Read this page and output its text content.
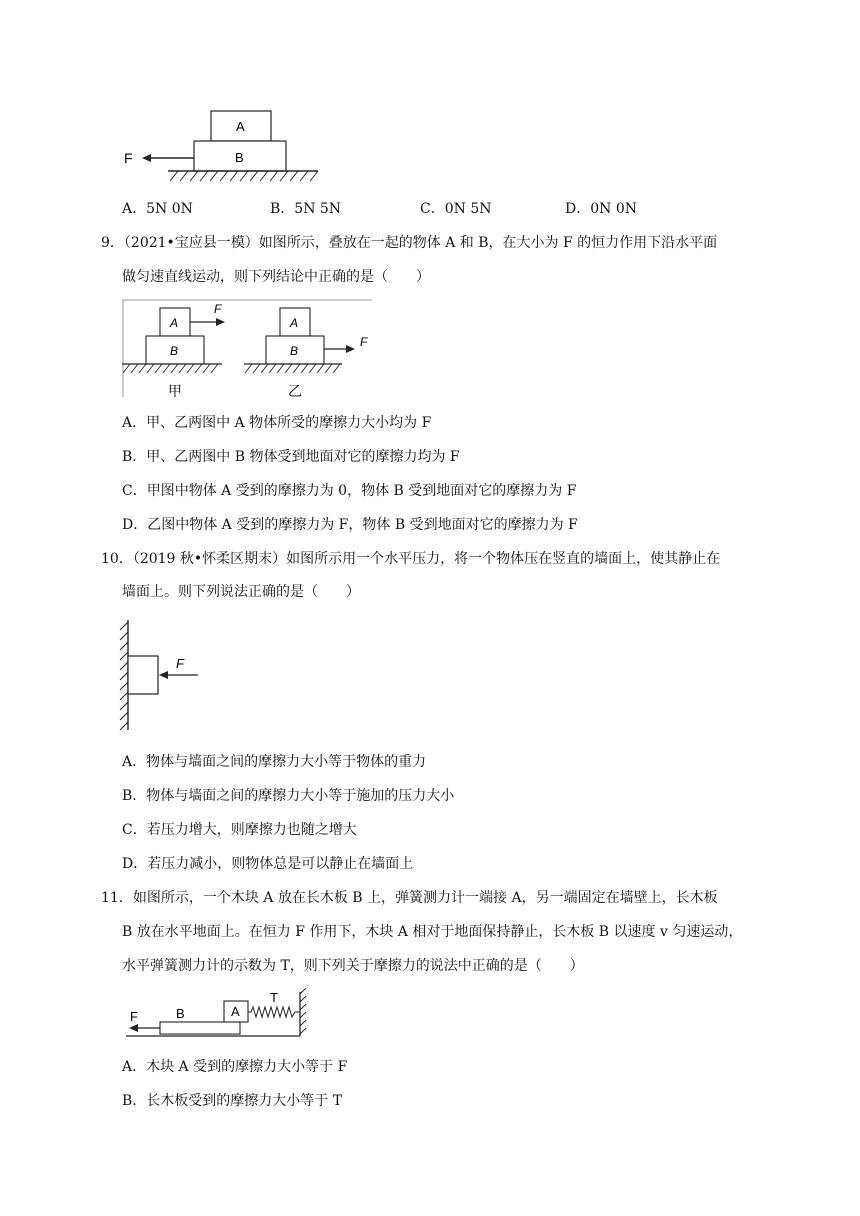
A
B
F
A．5N 0N	B．5N 5N	C．0N 5N	D．0N 0N
9．（2021•宝应县一模）如图所示，叠放在一起的物体 A 和 B，在大小为 F 的恒力作用下沿水平面
做匀速直线运动，则下列结论中正确的是（　　）
A
B
F
甲
A
B
F
乙
A．甲、乙两图中 A 物体所受的摩擦力大小均为 F
B．甲、乙两图中 B 物体受到地面对它的摩擦力均为 F
C．甲图中物体 A 受到的摩擦力为 0，物体 B 受到地面对它的摩擦力为 F
D．乙图中物体 A 受到的摩擦力为 F，物体 B 受到地面对它的摩擦力为 F
10．（2019 秋•怀柔区期末）如图所示用一个水平压力，将一个物体压在竖直的墙面上，使其静止在
墙面上。则下列说法正确的是（　　）
F
A．物体与墙面之间的摩擦力大小等于物体的重力
B．物体与墙面之间的摩擦力大小等于施加的压力大小
C．若压力增大，则摩擦力也随之增大
D．若压力减小，则物体总是可以静止在墙面上
11．如图所示，一个木块 A 放在长木板 B 上，弹簧测力计一端接 A，另一端固定在墙壁上，长木板
B 放在水平地面上。在恒力 F 作用下，木块 A 相对于地面保持静止，长木板 B 以速度 v 匀速运动，
水平弹簧测力计的示数为 T，则下列关于摩擦力的说法中正确的是（　　）
B	A
T
F
A．木块 A 受到的摩擦力大小等于 F
B．长木板受到的摩擦力大小等于 T
